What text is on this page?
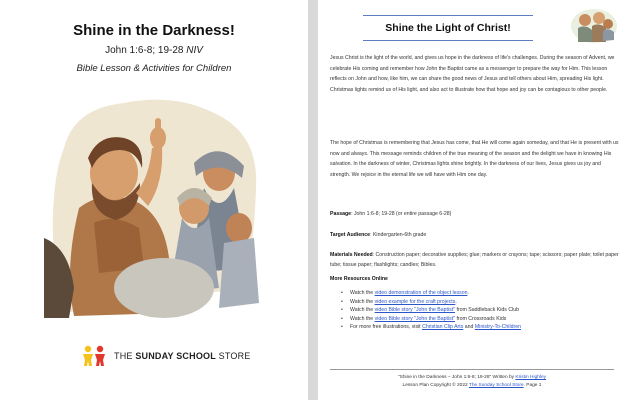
Shine in the Darkness!
John 1:6-8; 19-28 NIV
Bible Lesson & Activities for Children
THE SUNDAY SCHOOL STORE
Shine the Light of Christ!

Jesus Christ is the light of the world, and gives us hope in the darkness of life's challenges. During the season of Advent, we celebrate His coming and remember how John the Baptist came as a messenger to prepare the way for Him. This lesson reflects on John and how, like him, we can share the good news of Jesus and tell others about Him, spreading His light. Christmas lights remind us of His light, and also act to illustrate how that hope and joy can be contagious to other people.

The hope of Christmas is remembering that Jesus has come, that He will come again someday, and that He is present with us now and always. This message reminds children of the true meaning of the season and the delight we have in knowing His salvation. In the darkness of winter, Christmas lights shine brightly. In the darkness of our lives, Jesus gives us joy and strength. We rejoice in the eternal life we will have with Him one day.

Passage: John 1:6-8; 19-28 (or entire passage 6-28)
Target Audience: Kindergarten-6th grade
Materials Needed: Construction paper; decorative supplies; glue; markers or crayons; tape; scissors; paper plate; toilet paper tube; tissue paper; flashlights; candles; Bibles.
More Resources Online
• Watch the video demonstration of the object lesson.
• Watch the video example for the craft projects.
• Watch the video Bible story "John the Baptist" from Saddleback Kids Club
• Watch the video Bible story "John the Baptist" from Crossroads Kids
• For more free illustrations, visit Christian Clip Arts and Ministry-To-Children
"Shine in the Darkness – John 1:6-8; 19-28" Written by Kristin Highley
Lesson Plan Copyright © 2022 The Sunday School Store. Page 1
